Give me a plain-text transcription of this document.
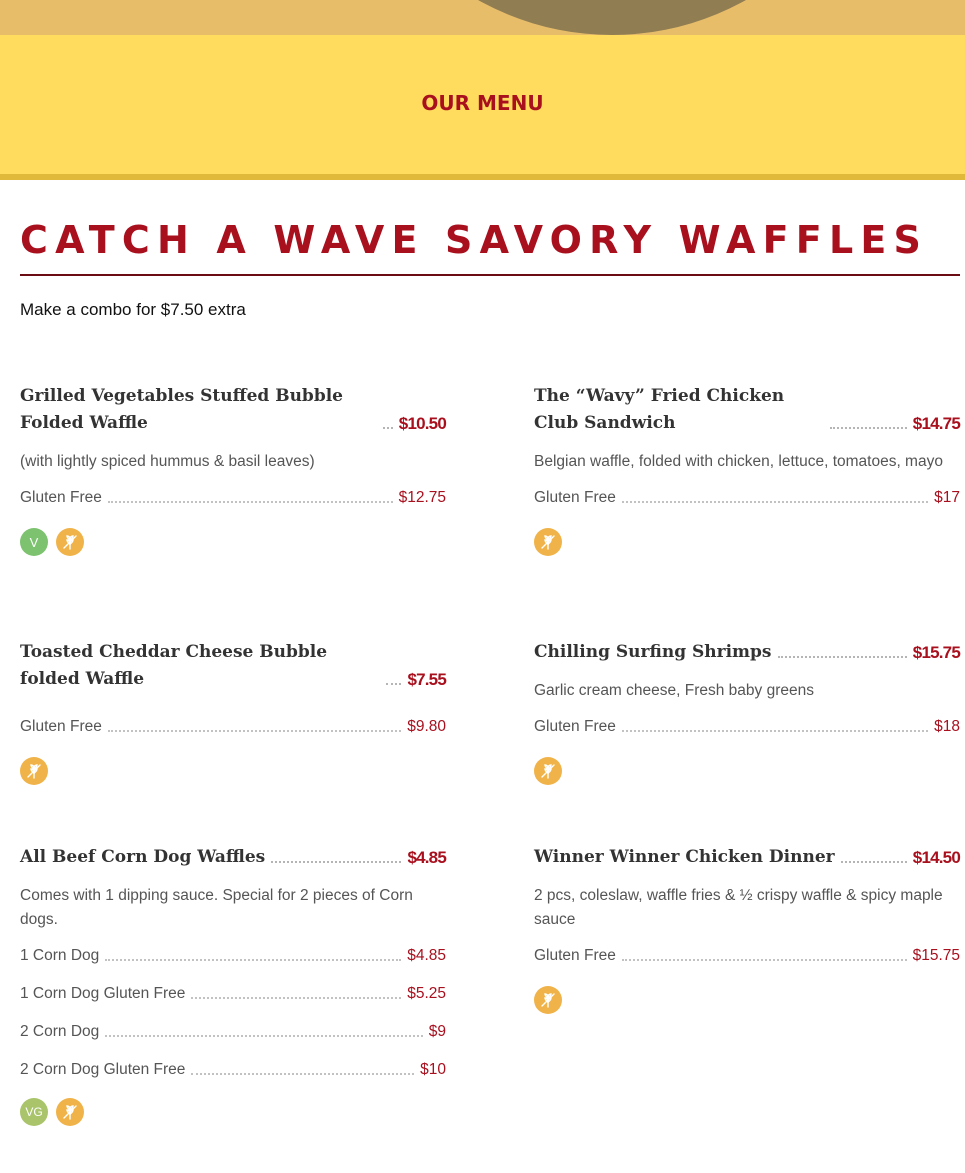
OUR MENU
CATCH A WAVE SAVORY WAFFLES

Make a combo for $7.50 extra

Grilled Vegetables Stuffed Bubble Folded Waffle	$10.50
(with lightly spiced hummus & basil leaves)
Gluten Free	$12.75
V
The “Wavy” Fried Chicken Club Sandwich	$14.75
Belgian waffle, folded with chicken, lettuce, tomatoes, mayo
Gluten Free	$17
Toasted Cheddar Cheese Bubble folded Waffle	$7.55
Gluten Free	$9.80
Chilling Surfing Shrimps	$15.75
Garlic cream cheese, Fresh baby greens
Gluten Free	$18
All Beef Corn Dog Waffles	$4.85
Comes with 1 dipping sauce. Special for 2 pieces of Corn dogs.
1 Corn Dog	$4.85
1 Corn Dog Gluten Free	$5.25
2 Corn Dog	$9
2 Corn Dog Gluten Free	$10
VG
Winner Winner Chicken Dinner	$14.50
2 pcs, coleslaw, waffle fries & ½ crispy waffle & spicy maple sauce
Gluten Free	$15.75
